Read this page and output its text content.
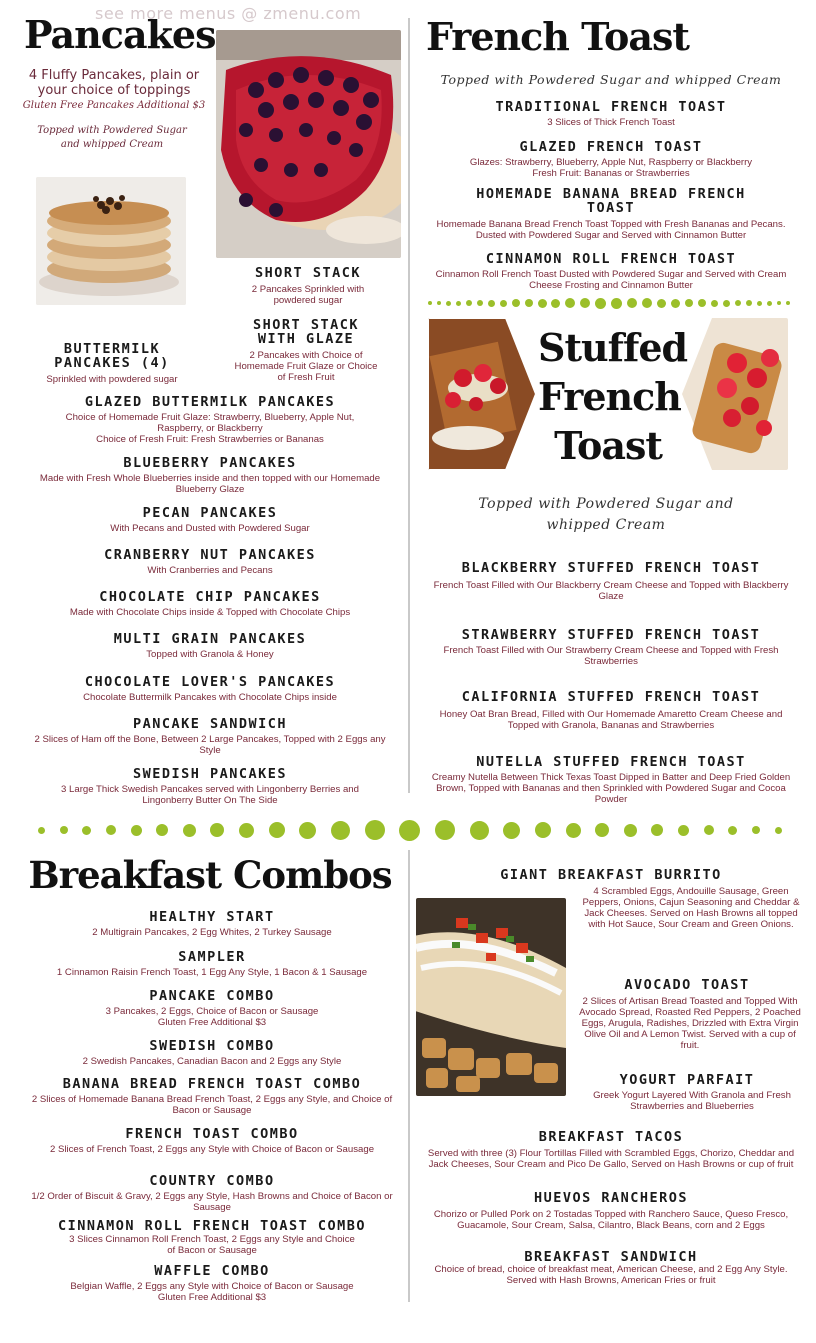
see more menus @ zmenu.com
Pancakes
4 Fluffy Pancakes, plain or your choice of toppings
Gluten Free Pancakes Additional $3
Topped with Powdered Sugar and whipped Cream
SHORT STACK
2 Pancakes Sprinkled with powdered sugar
SHORT STACK WITH GLAZE
2 Pancakes with Choice of Homemade Fruit Glaze or Choice of Fresh Fruit
BUTTERMILK PANCAKES (4)
Sprinkled with powdered sugar
GLAZED BUTTERMILK PANCAKES
Choice of Homemade Fruit Glaze: Strawberry, Blueberry, Apple Nut, Raspberry, or Blackberry
Choice of Fresh Fruit: Fresh Strawberries or Bananas
BLUEBERRY PANCAKES
Made with Fresh Whole Blueberries inside and then topped with our Homemade Blueberry Glaze
PECAN PANCAKES
With Pecans and Dusted with Powdered Sugar
CRANBERRY NUT PANCAKES
With Cranberries and Pecans
CHOCOLATE CHIP PANCAKES
Made with Chocolate Chips inside & Topped with Chocolate Chips
MULTI GRAIN PANCAKES
Topped with Granola & Honey
CHOCOLATE LOVER'S PANCAKES
Chocolate Buttermilk Pancakes with Chocolate Chips inside
PANCAKE SANDWICH
2 Slices of Ham off the Bone, Between 2 Large Pancakes, Topped with 2 Eggs any Style
SWEDISH PANCAKES
3 Large Thick Swedish Pancakes served with Lingonberry Berries and Lingonberry Butter On The Side
French Toast
Topped with Powdered Sugar and whipped Cream
TRADITIONAL FRENCH TOAST
3 Slices of Thick French Toast
GLAZED FRENCH TOAST
Glazes: Strawberry, Blueberry, Apple Nut, Raspberry or Blackberry
Fresh Fruit: Bananas or Strawberries
HOMEMADE BANANA BREAD FRENCH TOAST
Homemade Banana Bread French Toast Topped with Fresh Bananas and Pecans. Dusted with Powdered Sugar and Served with Cinnamon Butter
CINNAMON ROLL FRENCH TOAST
Cinnamon Roll French Toast Dusted with Powdered Sugar and Served with Cream Cheese Frosting and Cinnamon Butter
Stuffed
French
Toast
Topped with Powdered Sugar and whipped Cream
BLACKBERRY STUFFED FRENCH TOAST
French Toast Filled with Our Blackberry Cream Cheese and Topped with Blackberry Glaze
STRAWBERRY STUFFED FRENCH TOAST
French Toast Filled with Our Strawberry Cream Cheese and Topped with Fresh Strawberries
CALIFORNIA STUFFED FRENCH TOAST
Honey Oat Bran Bread, Filled with Our Homemade Amaretto Cream Cheese and Topped with Granola, Bananas and Strawberries
NUTELLA STUFFED FRENCH TOAST
Creamy Nutella Between Thick Texas Toast Dipped in Batter and Deep Fried Golden Brown, Topped with Bananas and then Sprinkled with Powdered Sugar and Cocoa Powder
Breakfast Combos
HEALTHY START
2 Multigrain Pancakes, 2 Egg Whites, 2 Turkey Sausage
SAMPLER
1 Cinnamon Raisin French Toast, 1 Egg Any Style, 1 Bacon & 1 Sausage
PANCAKE COMBO
3 Pancakes, 2 Eggs, Choice of Bacon or Sausage
Gluten Free Additional $3
SWEDISH COMBO
2 Swedish Pancakes, Canadian Bacon and 2 Eggs any Style
BANANA BREAD FRENCH TOAST COMBO
2 Slices of Homemade Banana Bread French Toast, 2 Eggs any Style, and Choice of Bacon or Sausage
FRENCH TOAST COMBO
2 Slices of French Toast, 2 Eggs any Style with Choice of Bacon or Sausage
COUNTRY COMBO
1/2 Order of Biscuit & Gravy, 2 Eggs any Style, Hash Browns and Choice of Bacon or Sausage
CINNAMON ROLL FRENCH TOAST COMBO
3 Slices Cinnamon Roll French Toast, 2 Eggs any Style and Choice of Bacon or Sausage
WAFFLE COMBO
Belgian Waffle, 2 Eggs any Style with Choice of Bacon or Sausage
Gluten Free Additional $3
GIANT BREAKFAST BURRITO
4 Scrambled Eggs, Andouille Sausage, Green Peppers, Onions, Cajun Seasoning and Cheddar & Jack Cheeses. Served on Hash Browns all topped with Hot Sauce, Sour Cream and Green Onions.
AVOCADO TOAST
2 Slices of Artisan Bread Toasted and Topped With Avocado Spread, Roasted Red Peppers, 2 Poached Eggs, Arugula, Radishes, Drizzled with Extra Virgin Olive Oil and A Lemon Twist. Served with a cup of fruit.
YOGURT PARFAIT
Greek Yogurt Layered With Granola and Fresh Strawberries and Blueberries
BREAKFAST TACOS
Served with three (3) Flour Tortillas Filled with Scrambled Eggs, Chorizo, Cheddar and Jack Cheeses, Sour Cream and Pico De Gallo, Served on Hash Browns or cup of fruit
HUEVOS RANCHEROS
Chorizo or Pulled Pork on 2 Tostadas Topped with Ranchero Sauce, Queso Fresco, Guacamole, Sour Cream, Salsa, Cilantro, Black Beans, corn and 2 Eggs
BREAKFAST SANDWICH
Choice of bread, choice of breakfast meat, American Cheese, and 2 Egg Any Style. Served with Hash Browns, American Fries or fruit
